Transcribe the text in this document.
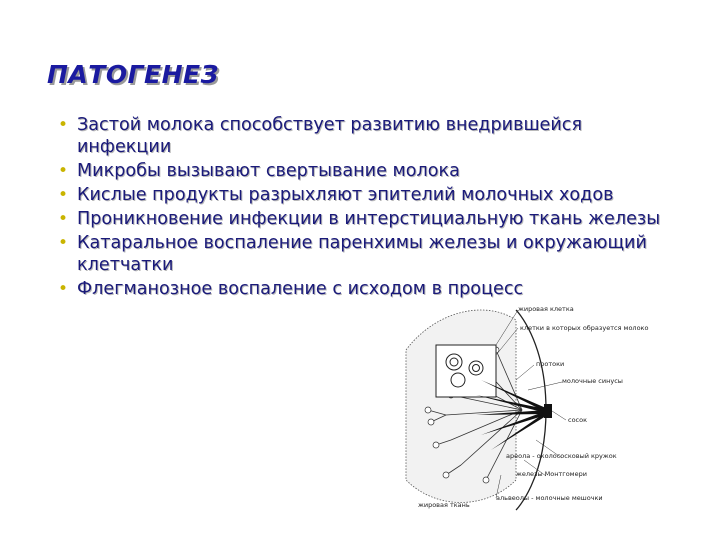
ПАТОГЕНЕЗ
• Застой молока способствует развитию внедрившейся инфекции
• Микробы вызывают свертывание молока
• Кислые продукты разрыхляют эпителий молочных ходов
• Проникновение инфекции в интерстициальную ткань железы
• Катаральное воспаление паренхимы железы и окружающий клетчатки
• Флегманозное воспаление с исходом в процесс
жировая клетка
клетки в которых образуется молоко
протоки
молочные синусы
сосок
ареола - околососковый кружок
железы Монтгомери
альвеолы - молочные мешочки
жировая ткань
